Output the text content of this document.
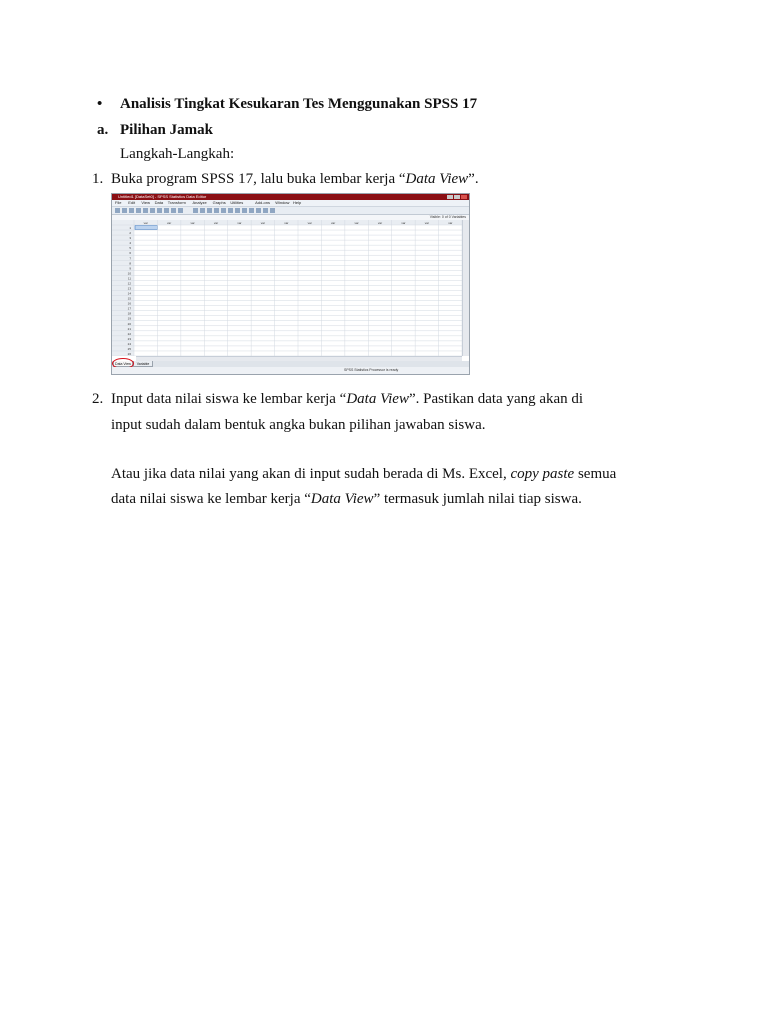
• Analisis Tingkat Kesukaran Tes Menggunakan SPSS 17
a. Pilihan Jamak
Langkah-Langkah:
1. Buka program SPSS 17, lalu buka lembar kerja “Data View”.
Untitled1 [DataSet0] - SPSS Statistics Data Editor
File Edit View Data Transform Analyze Graphs Utilities	Add-ons Window Help
Visible: 0 of 0 Variables
var	var	var	var	var	var	var	var	var	var	var	var	var	var
1
2
3
4
5
6
7
8
9
10
11
12
13
14
15
16
17
18
19
20
21
22
23
24
25
26
Data View	Variable
SPSS Statistics Processor is ready
2. Input data nilai siswa ke lembar kerja “Data View”. Pastikan data yang akan di
input sudah dalam bentuk angka bukan pilihan jawaban siswa.
Atau jika data nilai yang akan di input sudah berada di Ms. Excel, copy paste semua
data nilai siswa ke lembar kerja “Data View” termasuk jumlah nilai tiap siswa.
